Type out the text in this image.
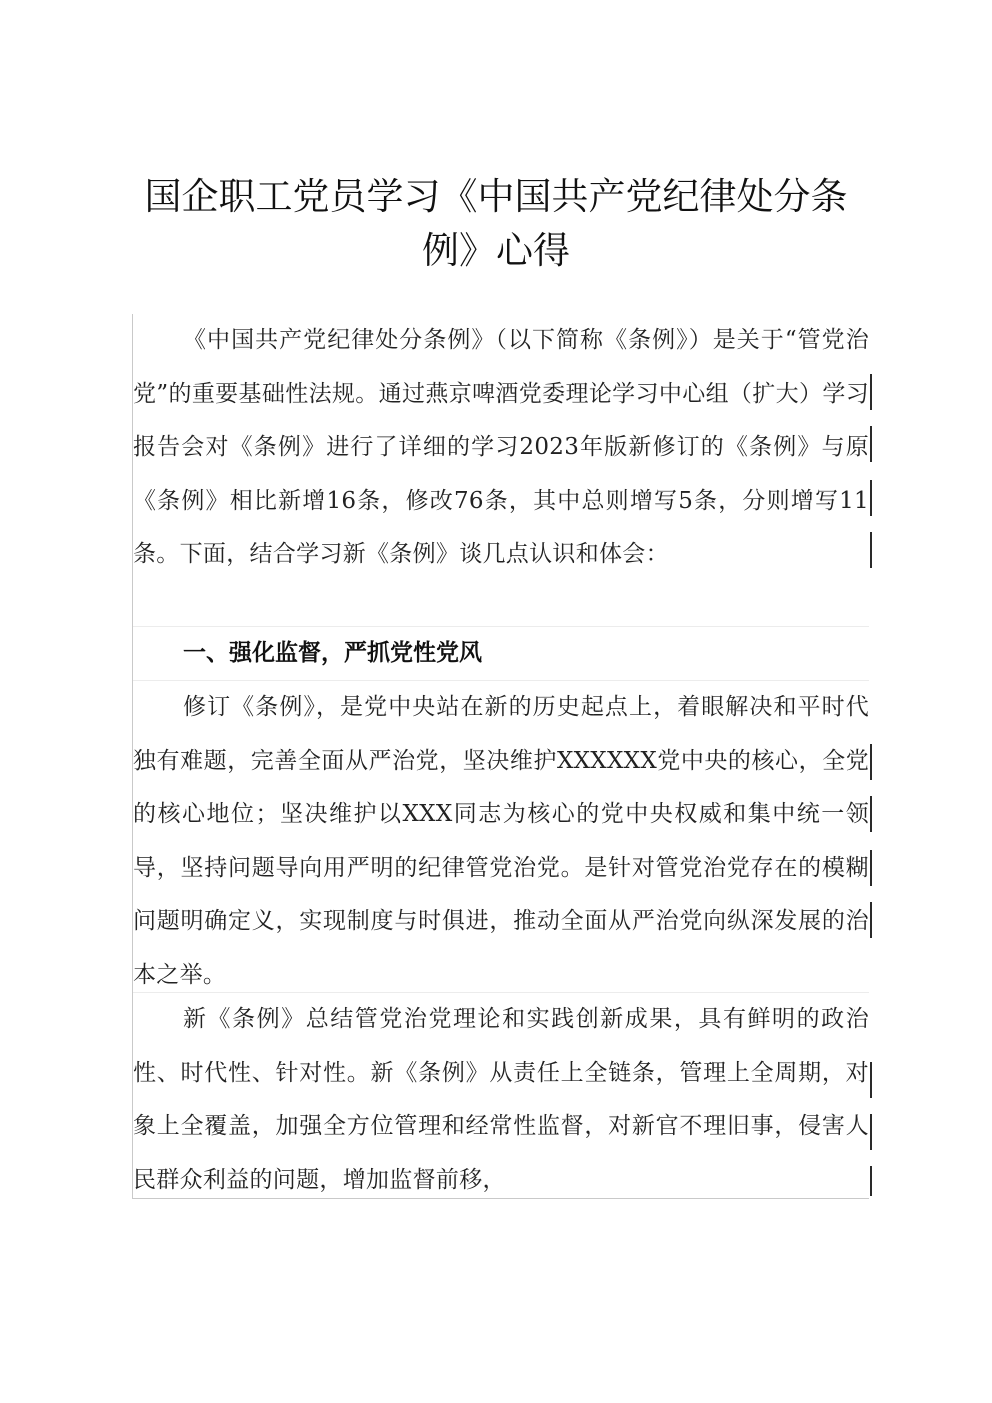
国企职工党员学习《中国共产党纪律处分条例》心得

《中国共产党纪律处分条例》（以下简称《条例》）是关于“管党治党”的重要基础性法规。通过燕京啤酒党委理论学习中心组（扩大）学习报告会对《条例》进行了详细的学习2023年版新修订的《条例》与原《条例》相比新增16条，修改76条，其中总则增写5条，分则增写11条。下面，结合学习新《条例》谈几点认识和体会：

一、强化监督，严抓党性党风

修订《条例》，是党中央站在新的历史起点上，着眼解决和平时代独有难题，完善全面从严治党，坚决维护XXXXXX党中央的核心，全党的核心地位；坚决维护以XXX同志为核心的党中央权威和集中统一领导，坚持问题导向用严明的纪律管党治党。是针对管党治党存在的模糊问题明确定义，实现制度与时俱进，推动全面从严治党向纵深发展的治本之举。

新《条例》总结管党治党理论和实践创新成果，具有鲜明的政治性、时代性、针对性。新《条例》从责任上全链条，管理上全周期，对象上全覆盖，加强全方位管理和经常性监督，对新官不理旧事，侵害人民群众利益的问题，增加监督前移，
